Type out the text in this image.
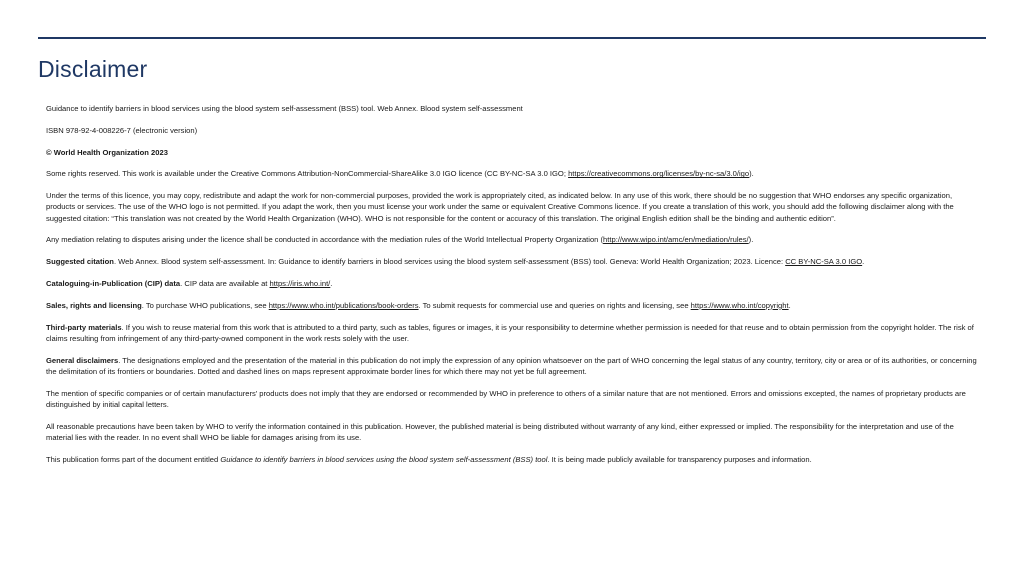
Disclaimer

Guidance to identify barriers in blood services using the blood system self-assessment (BSS) tool. Web Annex. Blood system self-assessment

ISBN 978-92-4-008226-7 (electronic version)

© World Health Organization 2023

Some rights reserved. This work is available under the Creative Commons Attribution-NonCommercial-ShareAlike 3.0 IGO licence (CC BY-NC-SA 3.0 IGO; https://creativecommons.org/licenses/by-nc-sa/3.0/igo).

Under the terms of this licence, you may copy, redistribute and adapt the work for non-commercial purposes, provided the work is appropriately cited, as indicated below. In any use of this work, there should be no suggestion that WHO endorses any specific organization, products or services. The use of the WHO logo is not permitted. If you adapt the work, then you must license your work under the same or equivalent Creative Commons licence. If you create a translation of this work, you should add the following disclaimer along with the suggested citation: “This translation was not created by the World Health Organization (WHO). WHO is not responsible for the content or accuracy of this translation. The original English edition shall be the binding and authentic edition”.

Any mediation relating to disputes arising under the licence shall be conducted in accordance with the mediation rules of the World Intellectual Property Organization (http://www.wipo.int/amc/en/mediation/rules/).

Suggested citation. Web Annex. Blood system self-assessment. In: Guidance to identify barriers in blood services using the blood system self-assessment (BSS) tool. Geneva: World Health Organization; 2023. Licence: CC BY-NC-SA 3.0 IGO.

Cataloguing-in-Publication (CIP) data. CIP data are available at https://iris.who.int/.

Sales, rights and licensing. To purchase WHO publications, see https://www.who.int/publications/book-orders. To submit requests for commercial use and queries on rights and licensing, see https://www.who.int/copyright.

Third-party materials. If you wish to reuse material from this work that is attributed to a third party, such as tables, figures or images, it is your responsibility to determine whether permission is needed for that reuse and to obtain permission from the copyright holder. The risk of claims resulting from infringement of any third-party-owned component in the work rests solely with the user.

General disclaimers. The designations employed and the presentation of the material in this publication do not imply the expression of any opinion whatsoever on the part of WHO concerning the legal status of any country, territory, city or area or of its authorities, or concerning the delimitation of its frontiers or boundaries. Dotted and dashed lines on maps represent approximate border lines for which there may not yet be full agreement.

The mention of specific companies or of certain manufacturers’ products does not imply that they are endorsed or recommended by WHO in preference to others of a similar nature that are not mentioned. Errors and omissions excepted, the names of proprietary products are distinguished by initial capital letters.

All reasonable precautions have been taken by WHO to verify the information contained in this publication. However, the published material is being distributed without warranty of any kind, either expressed or implied. The responsibility for the interpretation and use of the material lies with the reader. In no event shall WHO be liable for damages arising from its use.

This publication forms part of the document entitled Guidance to identify barriers in blood services using the blood system self-assessment (BSS) tool. It is being made publicly available for transparency purposes and information.
